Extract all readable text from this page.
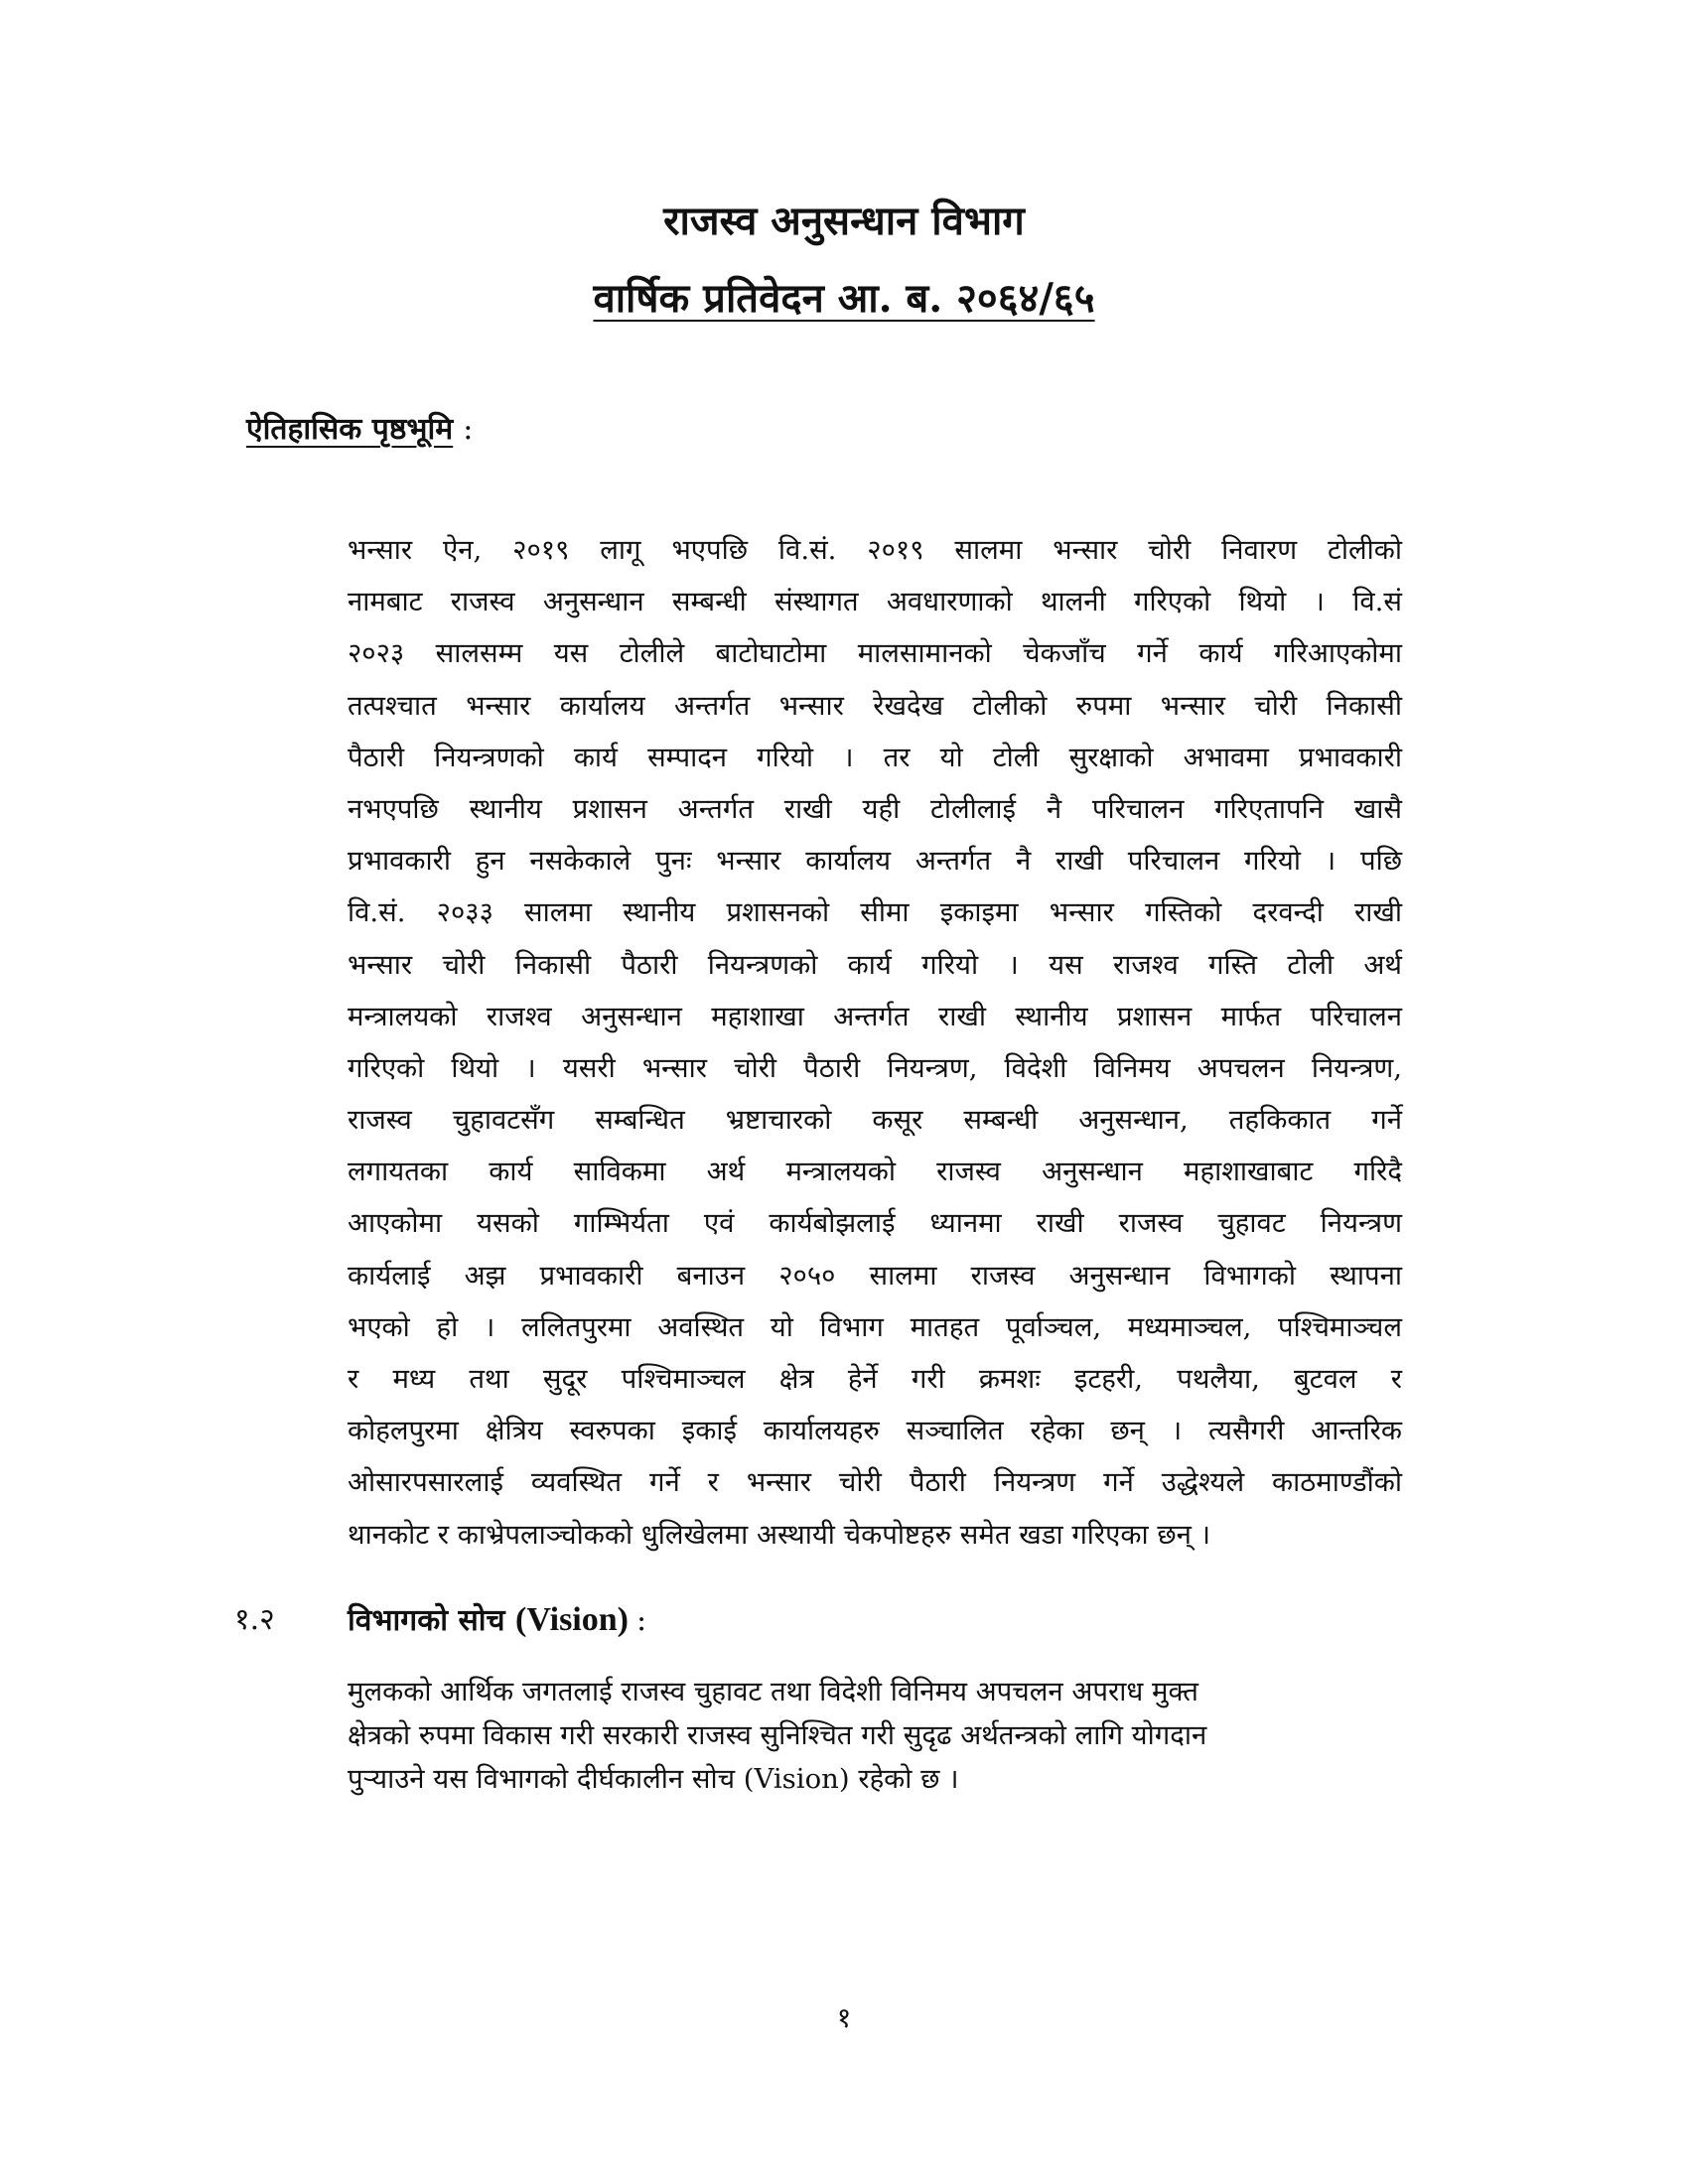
राजस्व अनुसन्धान विभाग
वार्षिक प्रतिवेदन आ. ब. २०६४/६५
ऐतिहासिक पृष्ठभूमि :
भन्सार ऐन, २०१९ लागू भएपछि वि.सं. २०१९ सालमा भन्सार चोरी निवारण टोलीको
नामबाट राजस्व अनुसन्धान सम्बन्धी संस्थागत अवधारणाको थालनी गरिएको थियो । वि.सं
२०२३ सालसम्म यस टोलीले बाटोघाटोमा मालसामानको चेकजाँच गर्ने कार्य गरिआएकोमा
तत्पश्चात भन्सार कार्यालय अन्तर्गत भन्सार रेखदेख टोलीको रुपमा भन्सार चोरी निकासी
पैठारी नियन्त्रणको कार्य सम्पादन गरियो । तर यो टोली सुरक्षाको अभावमा प्रभावकारी
नभएपछि स्थानीय प्रशासन अन्तर्गत राखी यही टोलीलाई नै परिचालन गरिएतापनि खासै
प्रभावकारी हुन नसकेकाले पुनः भन्सार कार्यालय अन्तर्गत नै राखी परिचालन गरियो । पछि
वि.सं. २०३३ सालमा स्थानीय प्रशासनको सीमा इकाइमा भन्सार गस्तिको दरवन्दी राखी
भन्सार चोरी निकासी पैठारी नियन्त्रणको कार्य गरियो । यस राजश्व गस्ति टोली अर्थ
मन्त्रालयको राजश्व अनुसन्धान महाशाखा अन्तर्गत राखी स्थानीय प्रशासन मार्फत परिचालन
गरिएको थियो । यसरी भन्सार चोरी पैठारी नियन्त्रण, विदेशी विनिमय अपचलन नियन्त्रण,
राजस्व चुहावटसँग सम्बन्धित भ्रष्टाचारको कसूर सम्बन्धी अनुसन्धान, तहकिकात गर्ने
लगायतका कार्य साविकमा अर्थ मन्त्रालयको राजस्व अनुसन्धान महाशाखाबाट गरिदै
आएकोमा यसको गाम्भिर्यता एवं कार्यबोझलाई ध्यानमा राखी राजस्व चुहावट नियन्त्रण
कार्यलाई अझ प्रभावकारी बनाउन २०५० सालमा राजस्व अनुसन्धान विभागको स्थापना
भएको हो । ललितपुरमा अवस्थित यो विभाग मातहत पूर्वाञ्चल, मध्यमाञ्चल, पश्चिमाञ्चल
र मध्य तथा सुदूर पश्चिमाञ्चल क्षेत्र हेर्ने गरी क्रमशः इटहरी, पथलैया, बुटवल र
कोहलपुरमा क्षेत्रिय स्वरुपका इकाई कार्यालयहरु सञ्चालित रहेका छन् । त्यसैगरी आन्तरिक
ओसारपसारलाई व्यवस्थित गर्ने र भन्सार चोरी पैठारी नियन्त्रण गर्ने उद्धेश्यले काठमाण्डौंको
थानकोट र काभ्रेपलाञ्चोकको धुलिखेलमा अस्थायी चेकपोष्टहरु समेत खडा गरिएका छन् ।
१.२ विभागको सोच (Vision) :
मुलकको आर्थिक जगतलाई राजस्व चुहावट तथा विदेशी विनिमय अपचलन अपराध मुक्त
क्षेत्रको रुपमा विकास गरी सरकारी राजस्व सुनिश्चित गरी सुदृढ अर्थतन्त्रको लागि योगदान
पुऱ्याउने यस विभागको दीर्घकालीन सोच (Vision) रहेको छ ।
१
